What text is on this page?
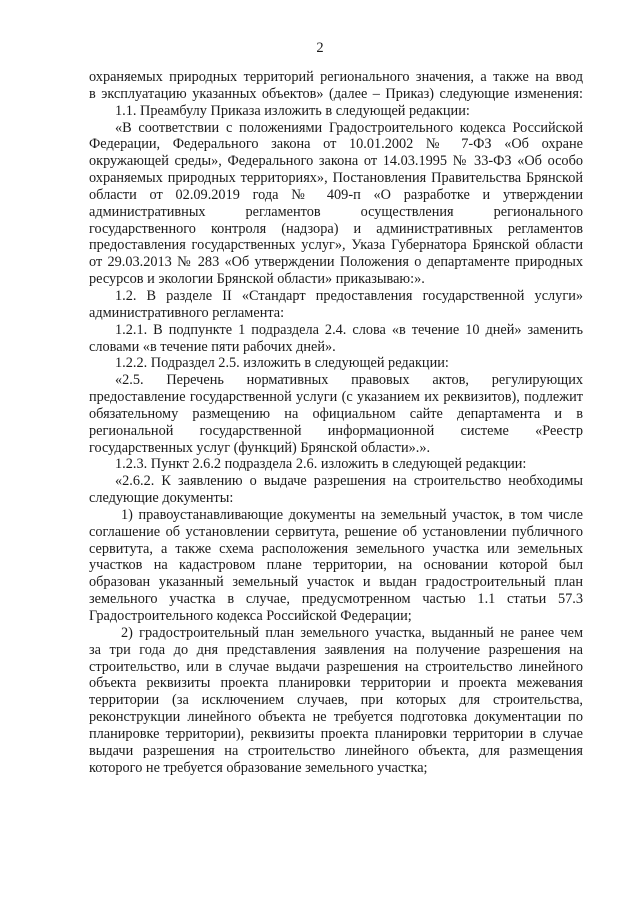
2
охраняемых природных территорий регионального значения, а также на ввод
в эксплуатацию указанных объектов» (далее – Приказ) следующие изменения:
1.1. Преамбулу Приказа изложить в следующей редакции:
«В соответствии с положениями Градостроительного кодекса Российской
Федерации, Федерального закона от 10.01.2002 № 7-ФЗ «Об охране
окружающей среды», Федерального закона от 14.03.1995 № 33-ФЗ «Об особо
охраняемых природных территориях», Постановления Правительства Брянской
области от 02.09.2019 года № 409-п «О разработке и утверждении
административных регламентов осуществления регионального
государственного контроля (надзора) и административных регламентов
предоставления государственных услуг», Указа Губернатора Брянской области
от 29.03.2013 № 283 «Об утверждении Положения о департаменте природных
ресурсов и экологии Брянской области» приказываю:».
1.2. В разделе II «Стандарт предоставления государственной услуги»
административного регламента:
1.2.1. В подпункте 1 подраздела 2.4. слова «в течение 10 дней» заменить
словами «в течение пяти рабочих дней».
1.2.2. Подраздел 2.5. изложить в следующей редакции:
«2.5. Перечень нормативных правовых актов, регулирующих
предоставление государственной услуги (с указанием их реквизитов), подлежит
обязательному размещению на официальном сайте департамента и в
региональной государственной информационной системе «Реестр
государственных услуг (функций) Брянской области».».
1.2.3. Пункт 2.6.2 подраздела 2.6. изложить в следующей редакции:
«2.6.2. К заявлению о выдаче разрешения на строительство необходимы
следующие документы:
1) правоустанавливающие документы на земельный участок, в том числе
соглашение об установлении сервитута, решение об установлении публичного
сервитута, а также схема расположения земельного участка или земельных
участков на кадастровом плане территории, на основании которой был
образован указанный земельный участок и выдан градостроительный план
земельного участка в случае, предусмотренном частью 1.1 статьи 57.3
Градостроительного кодекса Российской Федерации;
2) градостроительный план земельного участка, выданный не ранее чем
за три года до дня представления заявления на получение разрешения на
строительство, или в случае выдачи разрешения на строительство линейного
объекта реквизиты проекта планировки территории и проекта межевания
территории (за исключением случаев, при которых для строительства,
реконструкции линейного объекта не требуется подготовка документации по
планировке территории), реквизиты проекта планировки территории в случае
выдачи разрешения на строительство линейного объекта, для размещения
которого не требуется образование земельного участка;
